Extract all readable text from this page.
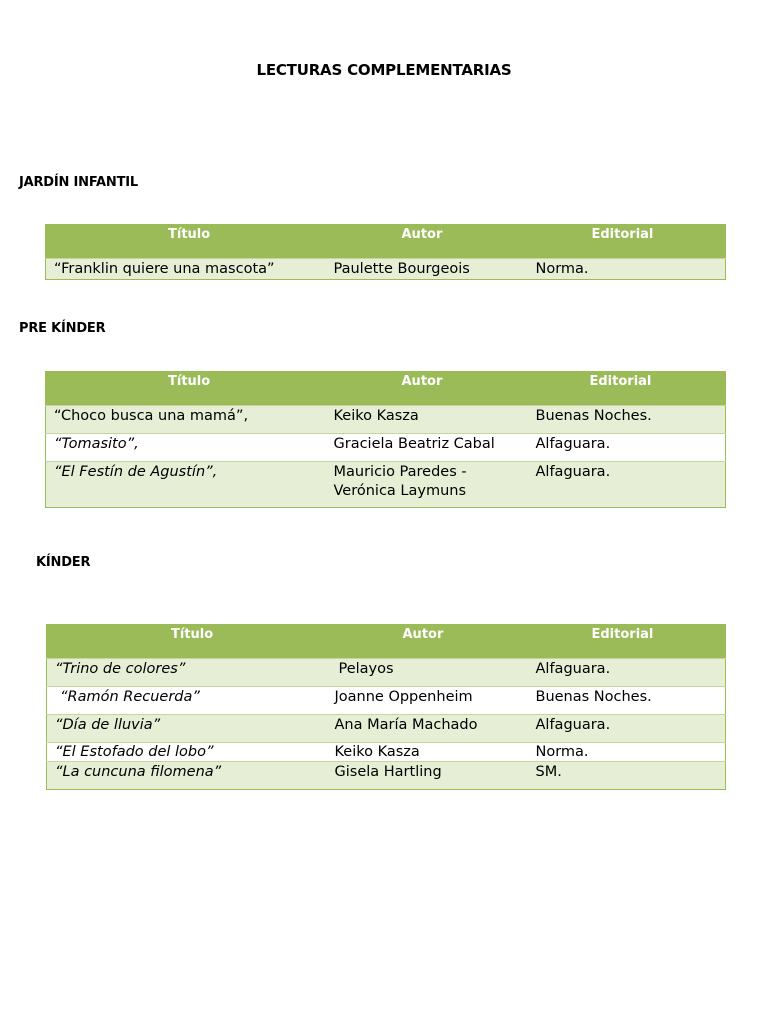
LECTURAS COMPLEMENTARIAS
JARDÍN INFANTIL
Título	Autor	Editorial
“Franklin quiere una mascota”	Paulette Bourgeois	Norma.
PRE KÍNDER
Título	Autor	Editorial
“Choco busca una mamá”,	Keiko Kasza	Buenas Noches.
“Tomasito”,	Graciela Beatriz Cabal	Alfaguara.
“El Festín de Agustín”,	Mauricio Paredes - Verónica Laymuns	Alfaguara.
KÍNDER
Título	Autor	Editorial
“Trino de colores”	Pelayos	Alfaguara.
“Ramón Recuerda”	Joanne Oppenheim	Buenas Noches.
“Día de lluvia”	Ana María Machado	Alfaguara.
“El Estofado del lobo”	Keiko Kasza	Norma.
“La cuncuna filomena”	Gisela Hartling	SM.
